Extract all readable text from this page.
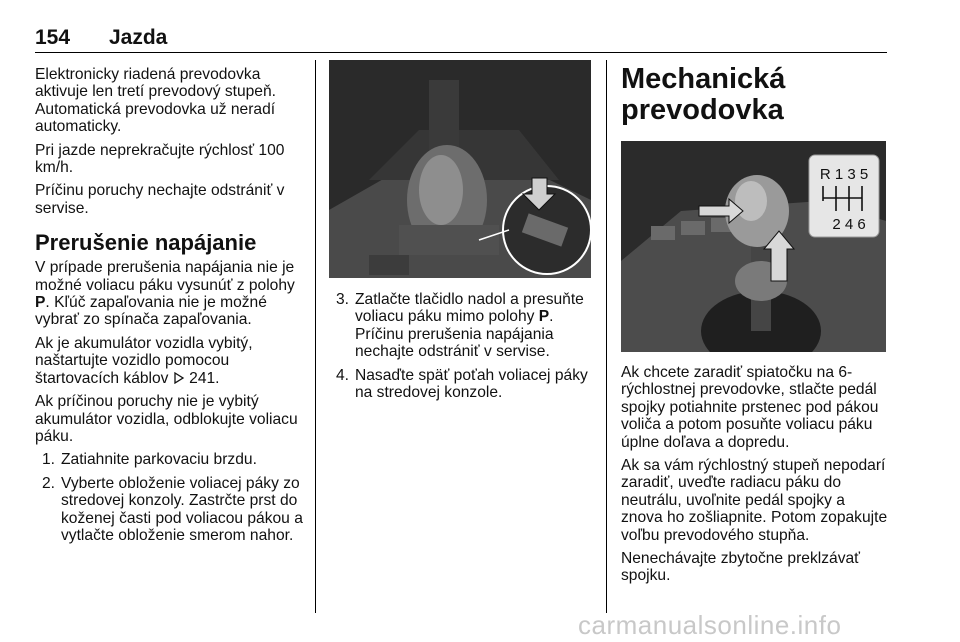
154 Jazda

Elektronicky riadená prevodovka aktivuje len tretí prevodový stupeň. Automatická prevodovka už neradí automaticky.

Pri jazde neprekračujte rýchlosť 100 km/h.

Príčinu poruchy nechajte odstrániť v servise.

Prerušenie napájanie

V prípade prerušenia napájania nie je možné voliacu páku vysunúť z polohy P. Kľúč zapaľovania nie je možné vybrať zo spínača zapaľovania.

Ak je akumulátor vozidla vybitý, naštartujte vozidlo pomocou štartovacích káblov  241.

Ak príčinou poruchy nie je vybitý akumulátor vozidla, odblokujte voliacu páku.

1. Zatiahnite parkovaciu brzdu.
2. Vyberte obloženie voliacej páky zo stredovej konzoly. Zastrčte prst do koženej časti pod voliacou pákou a vytlačte obloženie smerom nahor.
3. Zatlačte tlačidlo nadol a presuňte voliacu páku mimo polohy P. Príčinu prerušenia napájania nechajte odstrániť v servise.
4. Nasaďte späť poťah voliacej páky na stredovej konzole.
Mechanická
prevodovka
R 1 3 5
2 4 6

Ak chcete zaradiť spiatočku na 6-rýchlostnej prevodovke, stlačte pedál spojky potiahnite prstenec pod pákou voliča a potom posuňte voliacu páku úplne doľava a dopredu.

Ak sa vám rýchlostný stupeň nepodarí zaradiť, uveďte radiacu páku do neutrálu, uvoľnite pedál spojky a znova ho zošliapnite. Potom zopakujte voľbu prevodového stupňa.

Nenechávajte zbytočne preklzávať spojku.

carmanualsonline.info
